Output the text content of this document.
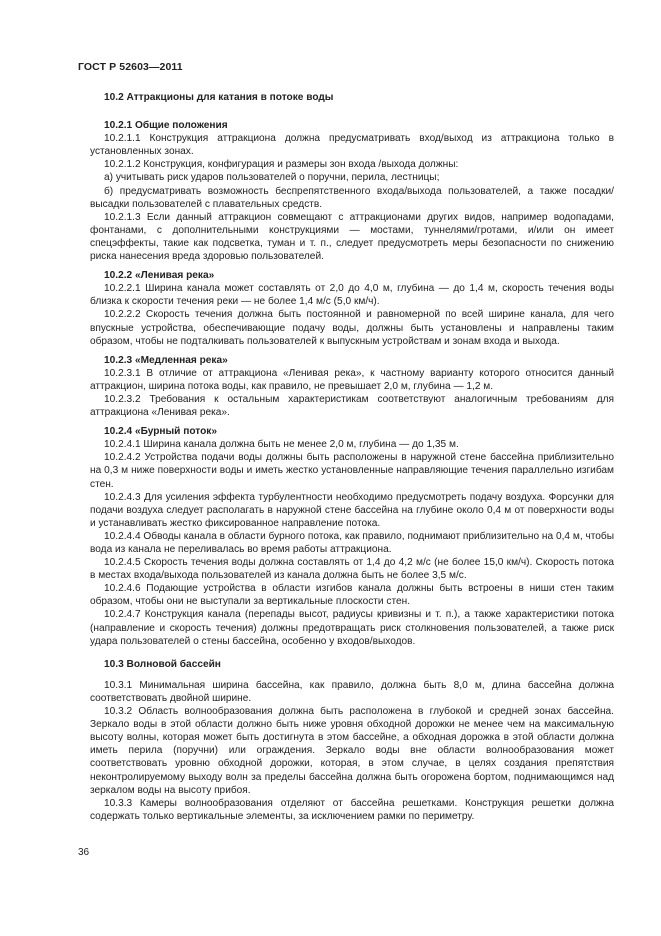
ГОСТ Р 52603—2011

10.2 Аттракционы для катания в потоке воды

10.2.1 Общие положения

10.2.1.1 Конструкция аттракциона должна предусматривать вход/выход из аттракциона только в установленных зонах.

10.2.1.2 Конструкция, конфигурация и размеры зон входа /выхода должны:

а) учитывать риск ударов пользователей о поручни, перила, лестницы;

б) предусматривать возможность беспрепятственного входа/выхода пользователей, а также посадки/высадки пользователей с плавательных средств.

10.2.1.3 Если данный аттракцион совмещают с аттракционами других видов, например водопадами, фонтанами, с дополнительными конструкциями — мостами, туннелями/гротами, и/или он имеет спецэффекты, такие как подсветка, туман и т. п., следует предусмотреть меры безопасности по снижению риска нанесения вреда здоровью пользователей.

10.2.2 «Ленивая река»

10.2.2.1 Ширина канала может составлять от 2,0 до 4,0 м, глубина — до 1,4 м, скорость течения воды близка к скорости течения реки — не более 1,4 м/с (5,0 км/ч).

10.2.2.2 Скорость течения должна быть постоянной и равномерной по всей ширине канала, для чего впускные устройства, обеспечивающие подачу воды, должны быть установлены и направлены таким образом, чтобы не подталкивать пользователей к выпускным устройствам и зонам входа и выхода.

10.2.3 «Медленная река»

10.2.3.1 В отличие от аттракциона «Ленивая река», к частному варианту которого относится данный аттракцион, ширина потока воды, как правило, не превышает 2,0 м, глубина — 1,2 м.

10.2.3.2 Требования к остальным характеристикам соответствуют аналогичным требованиям для аттракциона «Ленивая река».

10.2.4 «Бурный поток»

10.2.4.1 Ширина канала должна быть не менее 2,0 м, глубина — до 1,35 м.

10.2.4.2 Устройства подачи воды должны быть расположены в наружной стене бассейна приблизительно на 0,3 м ниже поверхности воды и иметь жестко установленные направляющие течения параллельно изгибам стен.

10.2.4.3 Для усиления эффекта турбулентности необходимо предусмотреть подачу воздуха. Форсунки для подачи воздуха следует располагать в наружной стене бассейна на глубине около 0,4 м от поверхности воды и устанавливать жестко фиксированное направление потока.

10.2.4.4 Обводы канала в области бурного потока, как правило, поднимают приблизительно на 0,4 м, чтобы вода из канала не переливалась во время работы аттракциона.

10.2.4.5 Скорость течения воды должна составлять от 1,4 до 4,2 м/с (не более 15,0 км/ч). Скорость потока в местах входа/выхода пользователей из канала должна быть не более 3,5 м/с.

10.2.4.6 Подающие устройства в области изгибов канала должны быть встроены в ниши стен таким образом, чтобы они не выступали за вертикальные плоскости стен.

10.2.4.7 Конструкция канала (перепады высот, радиусы кривизны и т. п.), а также характеристики потока (направление и скорость течения) должны предотвращать риск столкновения пользователей, а также риск удара пользователей о стены бассейна, особенно у входов/выходов.

10.3 Волновой бассейн

10.3.1 Минимальная ширина бассейна, как правило, должна быть 8,0 м, длина бассейна должна соответствовать двойной ширине.

10.3.2 Область волнообразования должна быть расположена в глубокой и средней зонах бассейна. Зеркало воды в этой области должно быть ниже уровня обходной дорожки не менее чем на максимальную высоту волны, которая может быть достигнута в этом бассейне, а обходная дорожка в этой области должна иметь перила (поручни) или ограждения. Зеркало воды вне области волнообразования может соответствовать уровню обходной дорожки, которая, в этом случае, в целях создания препятствия неконтролируемому выходу волн за пределы бассейна должна быть огорожена бортом, поднимающимся над зеркалом воды на высоту прибоя.

10.3.3 Камеры волнообразования отделяют от бассейна решетками. Конструкция решетки должна содержать только вертикальные элементы, за исключением рамки по периметру.

36
